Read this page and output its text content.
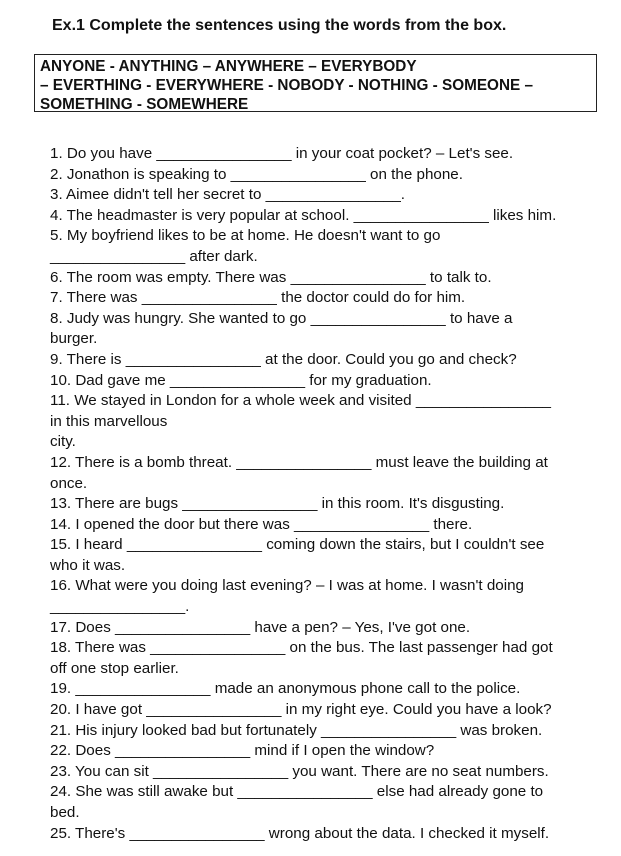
Ex.1 Complete the sentences using the words from the box.
ANYONE - ANYTHING – ANYWHERE – EVERYBODY
– EVERTHING - EVERYWHERE - NOBODY - NOTHING - SOMEONE –
SOMETHING - SOMEWHERE
1. Do you have ________________ in your coat pocket? – Let's see.
2. Jonathon is speaking to ________________ on the phone.
3. Aimee didn't tell her secret to ________________.
4. The headmaster is very popular at school. ________________ likes him.
5. My boyfriend likes to be at home. He doesn't want to go
________________ after dark.
6. The room was empty. There was ________________ to talk to.
7. There was ________________ the doctor could do for him.
8. Judy was hungry. She wanted to go ________________ to have a
burger.
9. There is ________________ at the door. Could you go and check?
10. Dad gave me ________________ for my graduation.
11. We stayed in London for a whole week and visited ________________
in this marvellous
city.
12. There is a bomb threat. ________________ must leave the building at
once.
13. There are bugs ________________ in this room. It's disgusting.
14. I opened the door but there was ________________ there.
15. I heard ________________ coming down the stairs, but I couldn't see
who it was.
16. What were you doing last evening? – I was at home. I wasn't doing
________________.
17. Does ________________ have a pen? – Yes, I've got one.
18. There was ________________ on the bus. The last passenger had got
off one stop earlier.
19. ________________ made an anonymous phone call to the police.
20. I have got ________________ in my right eye. Could you have a look?
21. His injury looked bad but fortunately ________________ was broken.
22. Does ________________ mind if I open the window?
23. You can sit ________________ you want. There are no seat numbers.
24. She was still awake but ________________ else had already gone to
bed.
25. There's ________________ wrong about the data. I checked it myself.
